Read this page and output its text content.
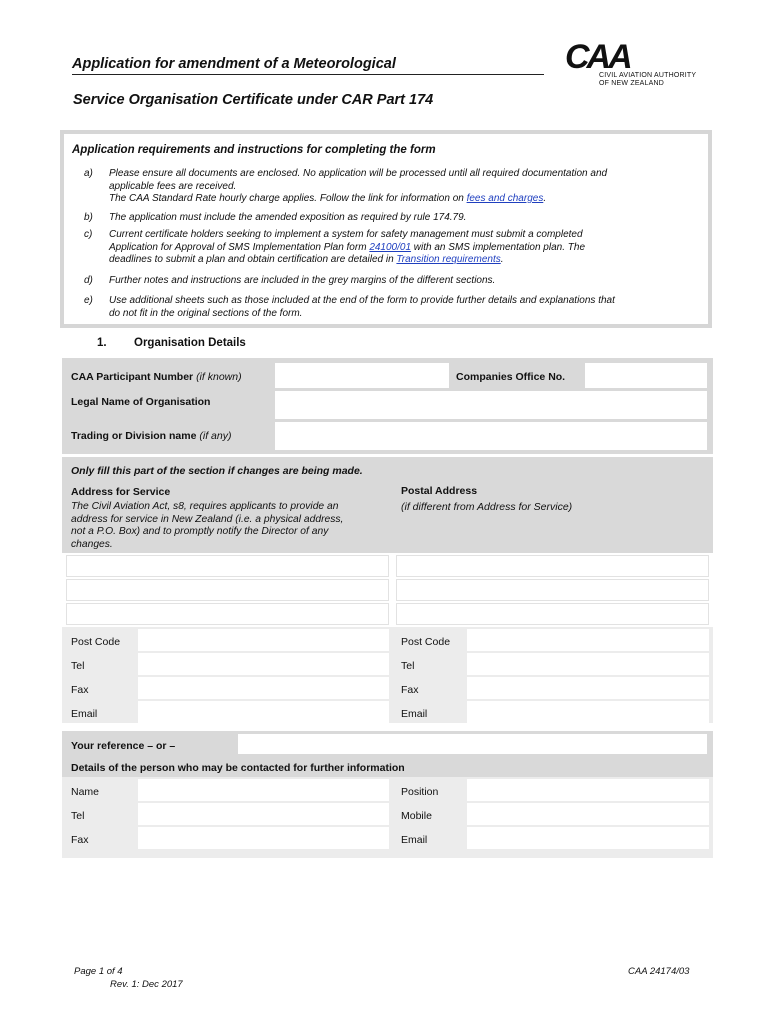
Application for amendment of a Meteorological
Service Organisation Certificate under CAR Part 174
CAA
CIVIL AVIATION AUTHORITY
OF NEW ZEALAND
Application requirements and instructions for completing the form
a) Please ensure all documents are enclosed. No application will be processed until all required documentation and
applicable fees are received.
The CAA Standard Rate hourly charge applies. Follow the link for information on fees and charges.
b) The application must include the amended exposition as required by rule 174.79.
c) Current certificate holders seeking to implement a system for safety management must submit a completed
Application for Approval of SMS Implementation Plan form 24100/01 with an SMS implementation plan. The
deadlines to submit a plan and obtain certification are detailed in Transition requirements.
d) Further notes and instructions are included in the grey margins of the different sections.
e) Use additional sheets such as those included at the end of the form to provide further details and explanations that
do not fit in the original sections of the form.
1. Organisation Details
CAA Participant Number (if known)	Companies Office No.
Legal Name of Organisation
Trading or Division name (if any)
Only fill this part of the section if changes are being made.
Address for Service
The Civil Aviation Act, s8, requires applicants to provide an
address for service in New Zealand (i.e. a physical address,
not a P.O. Box) and to promptly notify the Director of any
changes.
Postal Address
(if different from Address for Service)
Post Code
Tel
Fax
Email
Post Code
Tel
Fax
Email
Your reference – or –
Details of the person who may be contacted for further information
Name
Tel
Fax
Position
Mobile
Email
Page 1 of 4
Rev. 1: Dec 2017
CAA 24174/03
